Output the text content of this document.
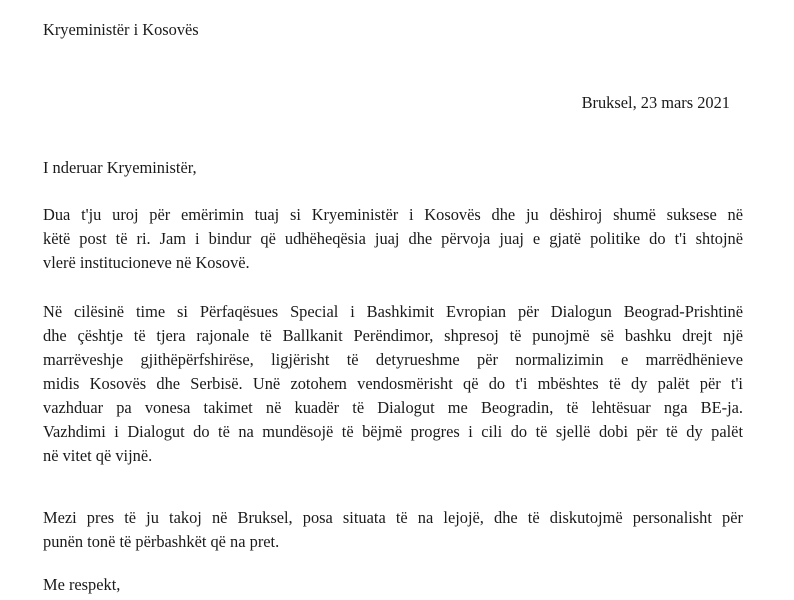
Kryeministër i Kosovës
Bruksel, 23 mars 2021
I nderuar Kryeministër,
Dua t'ju uroj për emërimin tuaj si Kryeministër i Kosovës dhe ju dëshiroj shumë suksese në
këtë post të ri. Jam i bindur që udhëheqësia juaj dhe përvoja juaj e gjatë politike do t'i shtojnë
vlerë institucioneve në Kosovë.
Në cilësinë time si Përfaqësues Special i Bashkimit Evropian për Dialogun Beograd-Prishtinë
dhe çështje të tjera rajonale të Ballkanit Perëndimor, shpresoj të punojmë së bashku drejt një
marrëveshje gjithëpërfshirëse, ligjërisht të detyrueshme për normalizimin e marrëdhënieve
midis Kosovës dhe Serbisë. Unë zotohem vendosmërisht që do t'i mbështes të dy palët për t'i
vazhduar pa vonesa takimet në kuadër të Dialogut me Beogradin, të lehtësuar nga BE-ja.
Vazhdimi i Dialogut do të na mundësojë të bëjmë progres i cili do të sjellë dobi për të dy palët
në vitet që vijnë.
Mezi pres të ju takoj në Bruksel, posa situata të na lejojë, dhe të diskutojmë personalisht për
punën tonë të përbashkët që na pret.
Me respekt,
